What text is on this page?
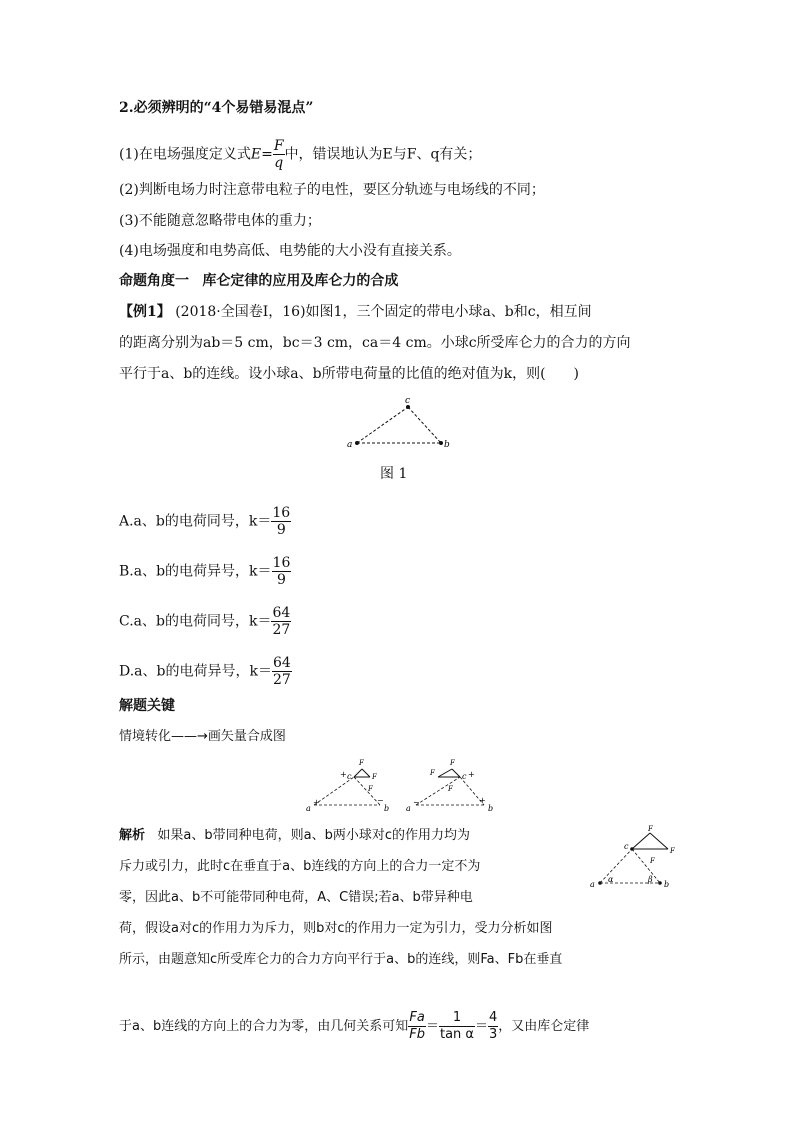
2.必须辨明的“4个易错易混点”
(1)在电场强度定义式$E= \frac{F}{q}$ 中，错误地认为E与F、q有关；
(2)判断电场力时注意带电粒子的电性，要区分轨迹与电场线的不同；
(3)不能随意忽略带电体的重力；
(4)电场强度和电势高低、电势能的大小没有直接关系。
命题角度一 库仑定律的应用及库仑力的合成
【例1】 (2018·全国卷Ⅰ，16)如图1，三个固定的带电小球a、b和c，相互间
的距离分别为ab＝5 cm，bc＝3 cm，ca＝4 cm。小球c所受库仑力的合力的方向
平行于a、b的连线。设小球a、b所带电荷量的比值的绝对值为k，则(　　)
a	b
c
图 1
A.a、b的电荷同号，$k= \frac{16}{9}$
B.a、b的电荷异号，$k= \frac{16}{9}$
C.a、b的电荷同号，$k= \frac{64}{27}$
D.a、b的电荷异号，$k= \frac{64}{27}$
解题关键
情境转化——→画矢量合成图
a
+	−
b
+ c
F
F
F
a
−	+
b
c +
F
F
F
解析 如果a、b带同种电荷，则a、b两小球对c的作用力均为
斥力或引力，此时c在垂直于a、b连线的方向上的合力一定不为
零，因此a、b不可能带同种电荷，A、C错误;若a、b带异种电
荷，假设a对c的作用力为斥力，则b对c的作用力一定为引力，受力分析如图
所示，由题意知c所受库仑力的合力方向平行于a、b的连线，则Fa、Fb在垂直
于a、b连线的方向上的合力为零，由几何关系可知 $\frac{Fa}{Fb} = \frac{1}{\text{tan α}} = \frac{4}{3}$ ，又由库仑定律
a	b
c
α	β
F
F
F
